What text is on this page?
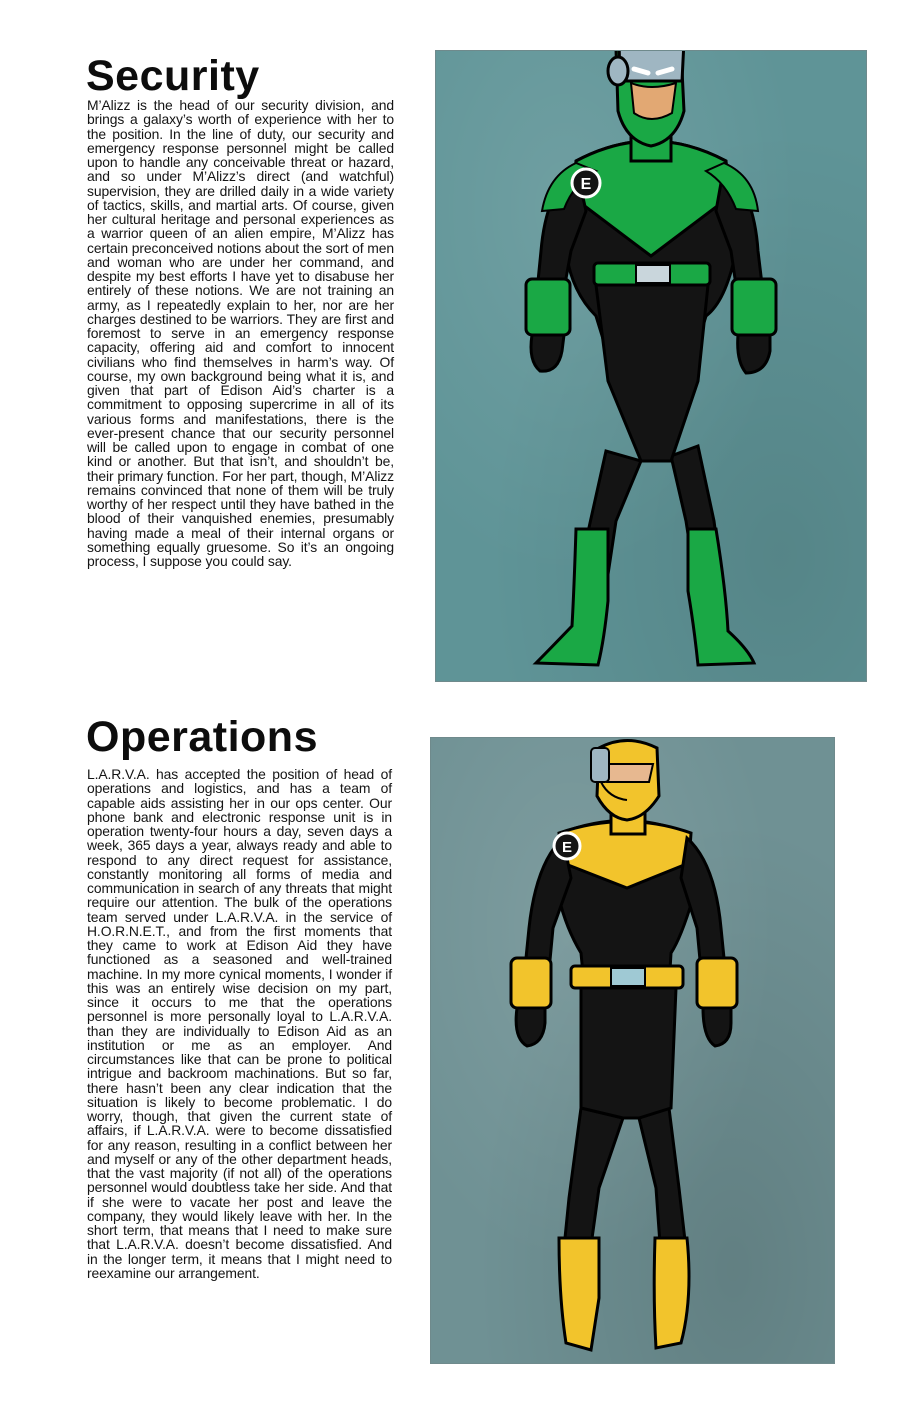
Security

M’Alizz is the head of our security division, and brings a galaxy’s worth of experience with her to the position. In the line of duty, our security and emergency response personnel might be called upon to handle any conceivable threat or hazard, and so under M’Alizz’s direct (and watchful) supervision, they are drilled daily in a wide variety of tactics, skills, and martial arts. Of course, given her cultural heritage and personal experiences as a warrior queen of an alien empire, M’Alizz has certain preconceived notions about the sort of men and woman who are under her command, and despite my best efforts I have yet to disabuse her entirely of these notions. We are not training an army, as I repeatedly explain to her, nor are her charges destined to be warriors. They are first and foremost to serve in an emergency response capacity, offering aid and comfort to innocent civilians who find themselves in harm’s way. Of course, my own background being what it is, and given that part of Edison Aid’s charter is a commitment to opposing supercrime in all of its various forms and manifestations, there is the ever-present chance that our security personnel will be called upon to engage in combat of one kind or another. But that isn’t, and shouldn’t be, their primary function. For her part, though, M’Alizz remains convinced that none of them will be truly worthy of her respect until they have bathed in the blood of their vanquished enemies, presumably having made a meal of their internal organs or something equally gruesome. So it’s an ongoing process, I suppose you could say.

E
Operations

L.A.R.V.A. has accepted the position of head of operations and logistics, and has a team of capable aids assisting her in our ops center. Our phone bank and electronic response unit is in operation twenty-four hours a day, seven days a week, 365 days a year, always ready and able to respond to any direct request for assistance, constantly monitoring all forms of media and communication in search of any threats that might require our attention. The bulk of the operations team served under L.A.R.V.A. in the service of H.O.R.N.E.T., and from the first moments that they came to work at Edison Aid they have functioned as a seasoned and well-trained machine. In my more cynical moments, I wonder if this was an entirely wise decision on my part, since it occurs to me that the operations personnel is more personally loyal to L.A.R.V.A. than they are individually to Edison Aid as an institution or me as an employer. And circumstances like that can be prone to political intrigue and backroom machinations. But so far, there hasn’t been any clear indication that the situation is likely to become problematic. I do worry, though, that given the current state of affairs, if L.A.R.V.A. were to become dissatisfied for any reason, resulting in a conflict between her and myself or any of the other department heads, that the vast majority (if not all) of the operations personnel would doubtless take her side. And that if she were to vacate her post and leave the company, they would likely leave with her. In the short term, that means that I need to make sure that L.A.R.V.A. doesn’t become dissatisfied. And in the longer term, it means that I might need to reexamine our arrangement.

E
